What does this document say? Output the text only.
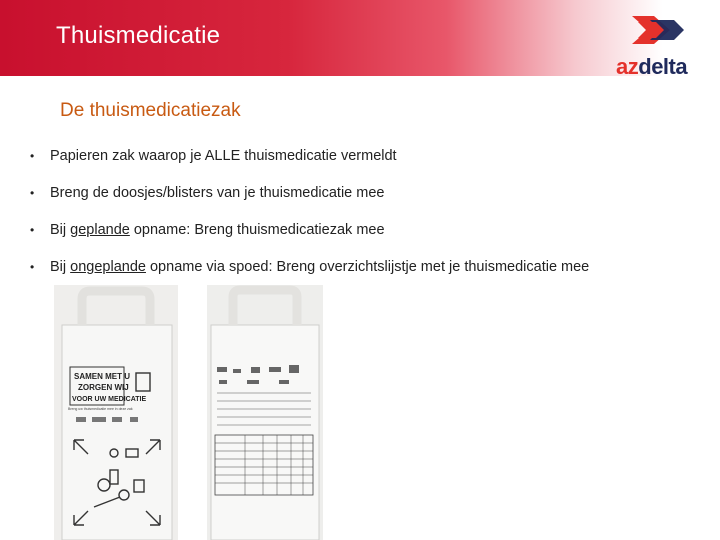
Thuismedicatie
azdelta
De thuismedicatiezak
•	Papieren zak waarop je ALLE thuismedicatie vermeldt
•	Breng de doosjes/blisters van je thuismedicatie mee
•	Bij geplande opname: Breng thuismedicatiezak mee
•	Bij ongeplande opname via spoed: Breng overzichtslijstje met je thuismedicatie mee
SAMEN MET U
ZORGEN WIJ
VOOR UW MEDICATIE
Breng uw thuismedicatie mee in deze zak
